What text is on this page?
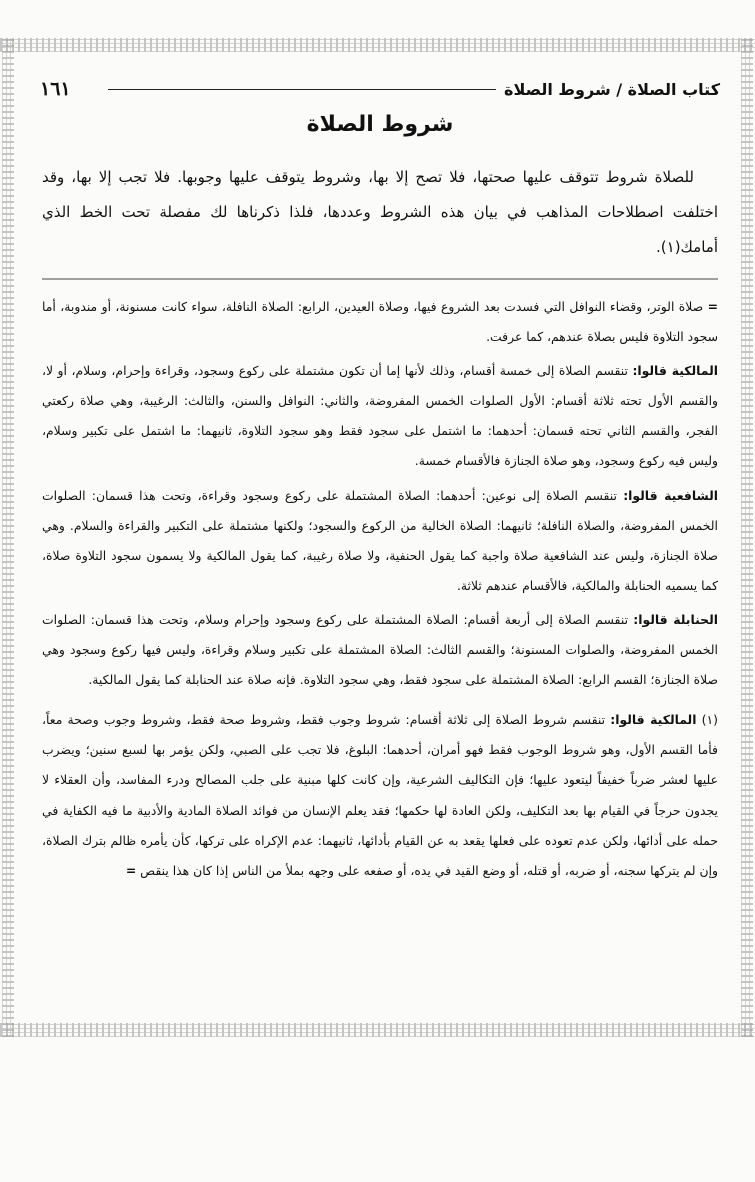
١٦١	كتاب الصلاة / شروط الصلاة
شروط الصلاة
للصلاة شروط تتوقف عليها صحتها، فلا تصح إلا بها، وشروط يتوقف عليها وجوبها. فلا تجب إلا بها، وقد اختلفت اصطلاحات المذاهب في بيان هذه الشروط وعددها، فلذا ذكرناها لك مفصلة تحت الخط الذي أمامك(١).

= صلاة الوتر، وقضاء النوافل التي فسدت بعد الشروع فيها، وصلاة العيدين، الرابع: الصلاة النافلة، سواء كانت مسنونة، أو مندوبة، أما سجود التلاوة فليس بصلاة عندهم، كما عرفت.

المالكية قالوا: تنقسم الصلاة إلى خمسة أقسام، وذلك لأنها إما أن تكون مشتملة على ركوع وسجود، وقراءة وإحرام، وسلام، أو لا، والقسم الأول تحته ثلاثة أقسام: الأول الصلوات الخمس المفروضة، والثاني: النوافل والسنن، والثالث: الرغيبة، وهي صلاة ركعتي الفجر، والقسم الثاني تحته قسمان: أحدهما: ما اشتمل على سجود فقط وهو سجود التلاوة، ثانيهما: ما اشتمل على تكبير وسلام، وليس فيه ركوع وسجود، وهو صلاة الجنازة فالأقسام خمسة.

الشافعية قالوا: تنقسم الصلاة إلى نوعين: أحدهما: الصلاة المشتملة على ركوع وسجود وقراءة، وتحت هذا قسمان: الصلوات الخمس المفروضة، والصلاة النافلة؛ ثانيهما: الصلاة الخالية من الركوع والسجود؛ ولكنها مشتملة على التكبير والقراءة والسلام. وهي صلاة الجنازة، وليس عند الشافعية صلاة واجبة كما يقول الحنفية، ولا صلاة رغيبة، كما يقول المالكية ولا يسمون سجود التلاوة صلاة، كما يسميه الحنابلة والمالكية، فالأقسام عندهم ثلاثة.

الحنابلة قالوا: تنقسم الصلاة إلى أربعة أقسام: الصلاة المشتملة على ركوع وسجود وإحرام وسلام، وتحت هذا قسمان: الصلوات الخمس المفروضة، والصلوات المسنونة؛ والقسم الثالث: الصلاة المشتملة على تكبير وسلام وقراءة، وليس فيها ركوع وسجود وهي صلاة الجنازة؛ القسم الرابع: الصلاة المشتملة على سجود فقط، وهي سجود التلاوة. فإنه صلاة عند الحنابلة كما يقول المالكية.

(١) المالكية قالوا: تنقسم شروط الصلاة إلى ثلاثة أقسام: شروط وجوب فقط، وشروط صحة فقط، وشروط وجوب وصحة معاً، فأما القسم الأول، وهو شروط الوجوب فقط فهو أمران، أحدهما: البلوغ، فلا تجب على الصبي، ولكن يؤمر بها لسبع سنين؛ ويضرب عليها لعشر ضرباً خفيفاً ليتعود عليها؛ فإن التكاليف الشرعية، وإن كانت كلها مبنية على جلب المصالح ودرء المفاسد، وأن العقلاء لا يجدون حرجاً في القيام بها بعد التكليف، ولكن العادة لها حكمها؛ فقد يعلم الإنسان من فوائد الصلاة المادية والأدبية ما فيه الكفاية في حمله على أدائها، ولكن عدم تعوده على فعلها يقعد به عن القيام بأدائها، ثانيهما: عدم الإكراه على تركها، كأن يأمره ظالم بترك الصلاة، وإن لم يتركها سجنه، أو ضربه، أو قتله، أو وضع القيد في يده، أو صفعه على وجهه بملأ من الناس إذا كان هذا ينقص =
